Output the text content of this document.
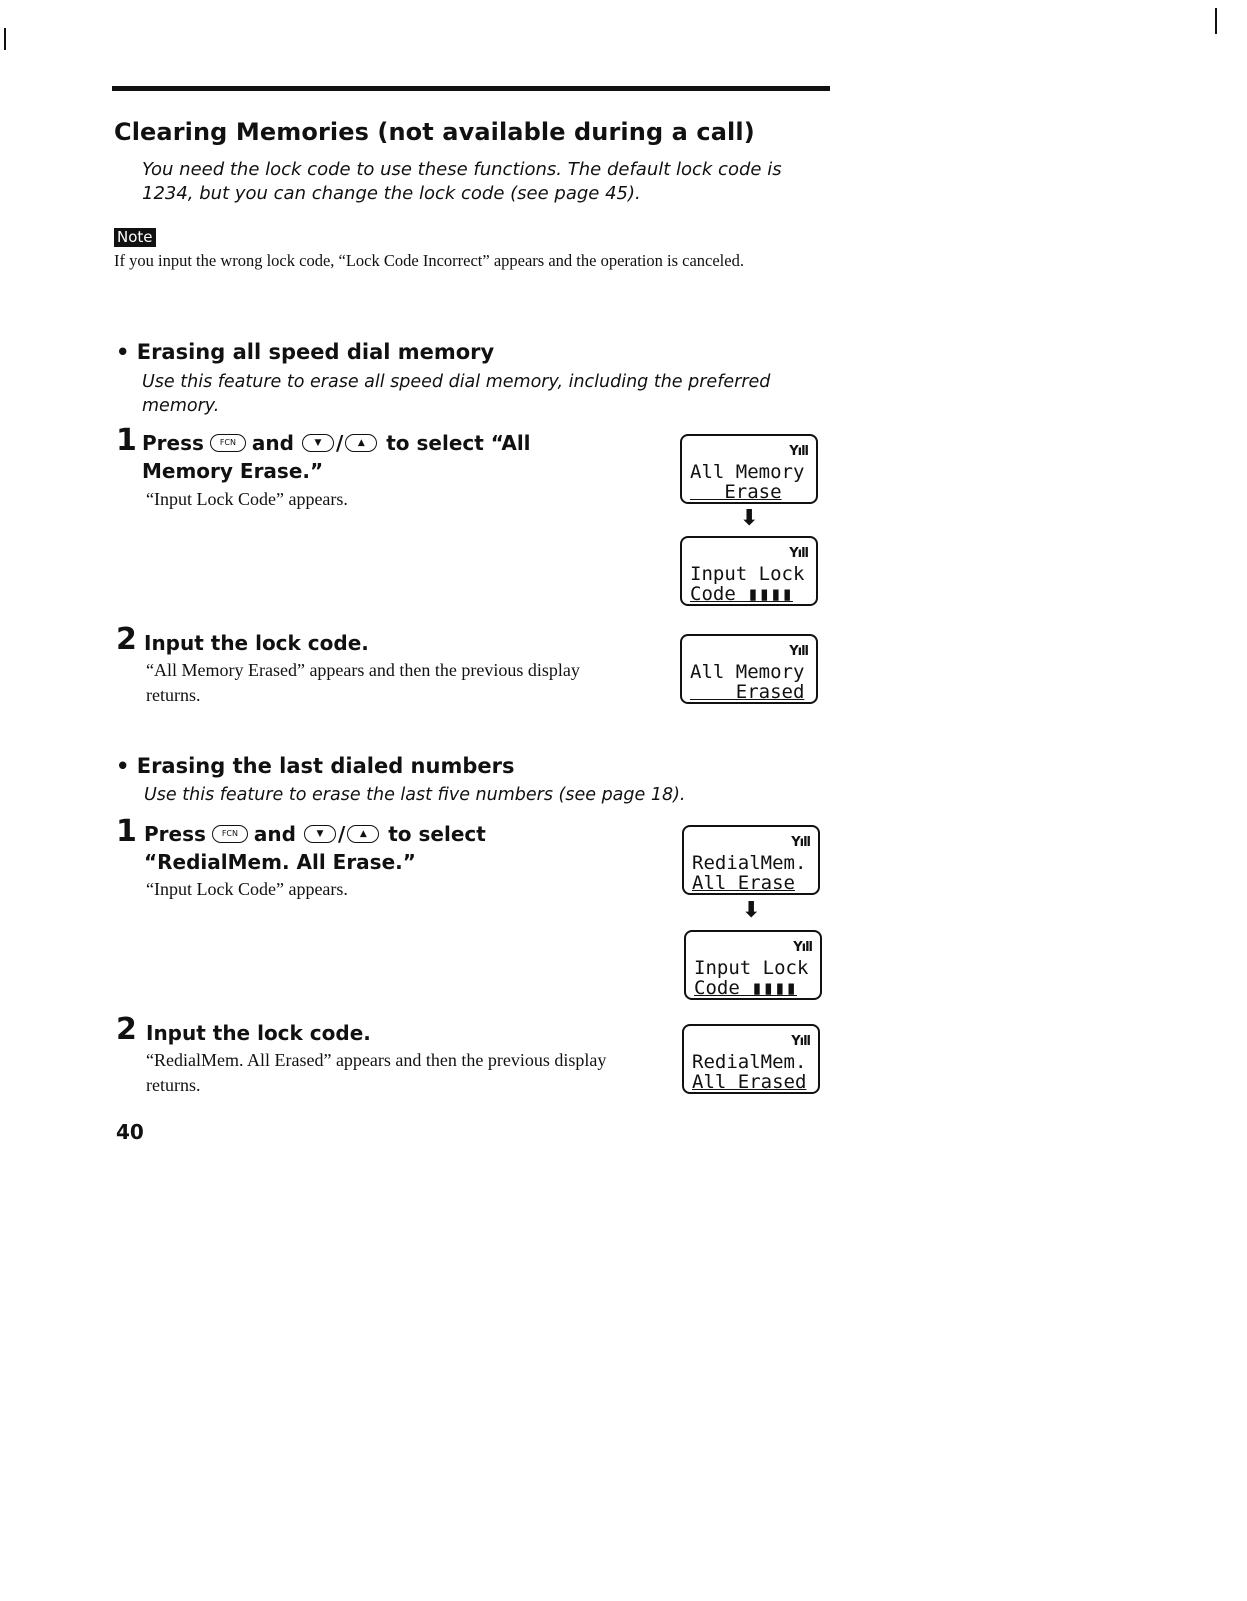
Clearing Memories (not available during a call)
You need the lock code to use these functions. The default lock code is 1234, but you can change the lock code (see page 45).
Note
If you input the wrong lock code, “Lock Code Incorrect” appears and the operation is canceled.
• Erasing all speed dial memory
Use this feature to erase all speed dial memory, including the preferred memory.
1 Press FCN and ▼ / ▲ to select “All Memory Erase.”
“Input Lock Code” appears.
Yıll
All Memory
Erase
⬇
Yıll
Input Lock
Code ▮▮▮▮
2 Input the lock code.
“All Memory Erased” appears and then the previous display returns.
Yıll
All Memory
Erased
• Erasing the last dialed numbers
Use this feature to erase the last five numbers (see page 18).
1 Press FCN and ▼ / ▲ to select “RedialMem. All Erase.”
“Input Lock Code” appears.
Yıll
RedialMem.
All Erase
⬇
Yıll
Input Lock
Code ▮▮▮▮
2 Input the lock code.
“RedialMem. All Erased” appears and then the previous display returns.
Yıll
RedialMem.
All Erased
40
